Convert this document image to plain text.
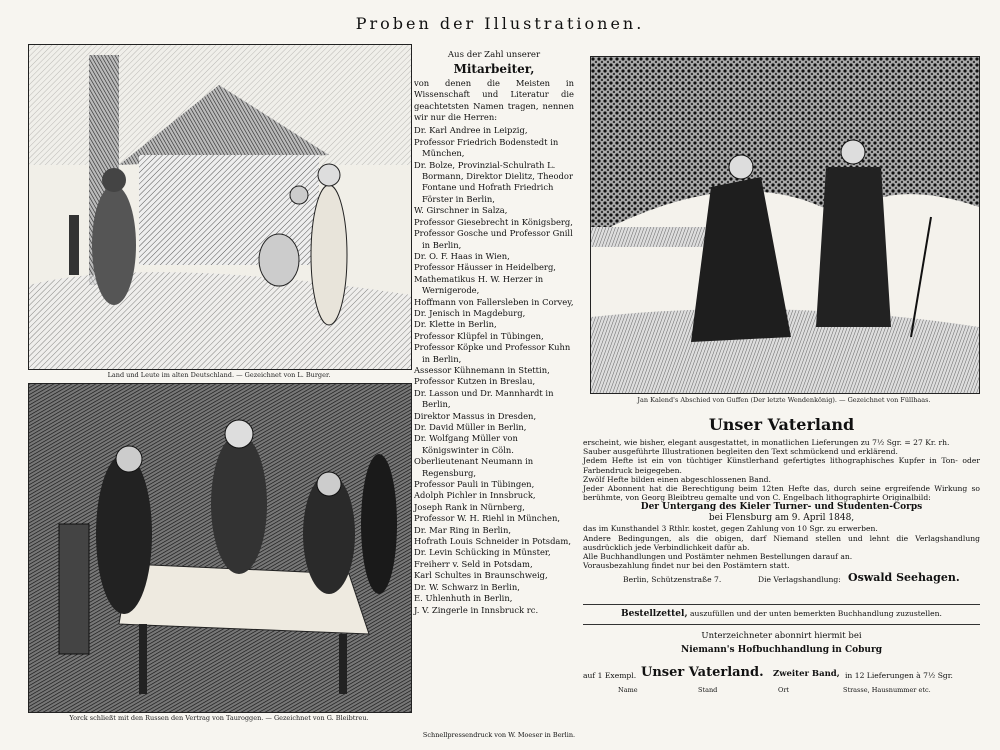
Proben der Illustrationen.
Land und Leute im alten Deutschland. — Gezeichnet von L. Burger.
Yorck schließt mit den Russen den Vertrag von Tauroggen. — Gezeichnet von G. Bleibtreu.
Jan Kalend's Abschied von Guffen (Der letzte Wendenkönig). — Gezeichnet von Füllhaas.
Aus der Zahl unserer
Mitarbeiter,
von denen die Meisten in Wissenschaft und Literatur die geachtetsten Namen tragen, nennen wir nur die Herren:

Dr. Karl Andree in Leipzig,

Professor Friedrich Bodenstedt in München,

Dr. Bolze, Provinzial-Schulrath L. Bormann, Direktor Dielitz, Theodor Fontane und Hofrath Friedrich Förster in Berlin,

W. Girschner in Salza,

Professor Giesebrecht in Königsberg,

Professor Gosche und Professor Gnill in Berlin,

Dr. O. F. Haas in Wien,

Professor Häusser in Heidelberg,

Mathematikus H. W. Herzer in Wernigerode,

Hoffmann von Fallersleben in Corvey,

Dr. Jenisch in Magdeburg,

Dr. Klette in Berlin,

Professor Klüpfel in Tübingen,

Professor Köpke und Professor Kuhn in Berlin,

Assessor Kühnemann in Stettin,

Professor Kutzen in Breslau,

Dr. Lasson und Dr. Mannhardt in Berlin,

Direktor Massus in Dresden,

Dr. David Müller in Berlin,

Dr. Wolfgang Müller von Königswinter in Cöln.

Oberlieutenant Neumann in Regensburg,

Professor Pauli in Tübingen,

Adolph Pichler in Innsbruck,

Joseph Rank in Nürnberg,

Professor W. H. Riehl in München,

Dr. Mar Ring in Berlin,

Hofrath Louis Schneider in Potsdam,

Dr. Levin Schücking in Münster,

Freiherr v. Seld in Potsdam,

Karl Schultes in Braunschweig,

Dr. W. Schwarz in Berlin,

E. Uhlenhuth in Berlin,

J. V. Zingerle in Innsbruck rc.

Schnellpressendruck von W. Moeser in Berlin.
Unser Vaterland
erscheint, wie bisher, elegant ausgestattet, in monatlichen Lieferungen zu 7½ Sgr. = 27 Kr. rh.
Sauber ausgeführte Illustrationen begleiten den Text schmückend und erklärend.
Jedem Hefte ist ein von tüchtiger Künstlerhand gefertigtes lithographisches Kupfer in Ton- oder Farbendruck beigegeben.
Zwölf Hefte bilden einen abgeschlossenen Band.
Jeder Abonnent hat die Berechtigung beim 12ten Hefte das, durch seine ergreifende Wirkung so berühmte, von Georg Bleibtreu gemalte und von C. Engelbach lithographirte Originalbild:
Der Untergang des Kieler Turner- und Studenten-Corps
bei Flensburg am 9. April 1848,
das im Kunsthandel 3 Rthlr. kostet, gegen Zahlung von 10 Sgr. zu erwerben.
Andere Bedingungen, als die obigen, darf Niemand stellen und lehnt die Verlagshandlung ausdrücklich jede Verbindlichkeit dafür ab.
Alle Buchhandlungen und Postämter nehmen Bestellungen darauf an.
Vorausbezahlung findet nur bei den Postämtern statt.
Berlin, Schützenstraße 7.	Die Verlagshandlung: Oswald Seehagen.
Bestellzettel, auszufüllen und der unten bemerkten Buchhandlung zuzustellen.
Unterzeichneter abonnirt hiermit bei
Niemann's Hofbuchhandlung in Coburg
auf 1 Exempl. Unser Vaterland. Zweiter Band, in 12 Lieferungen à 7½ Sgr.
Name	Stand	Ort	Strasse, Hausnummer etc.
